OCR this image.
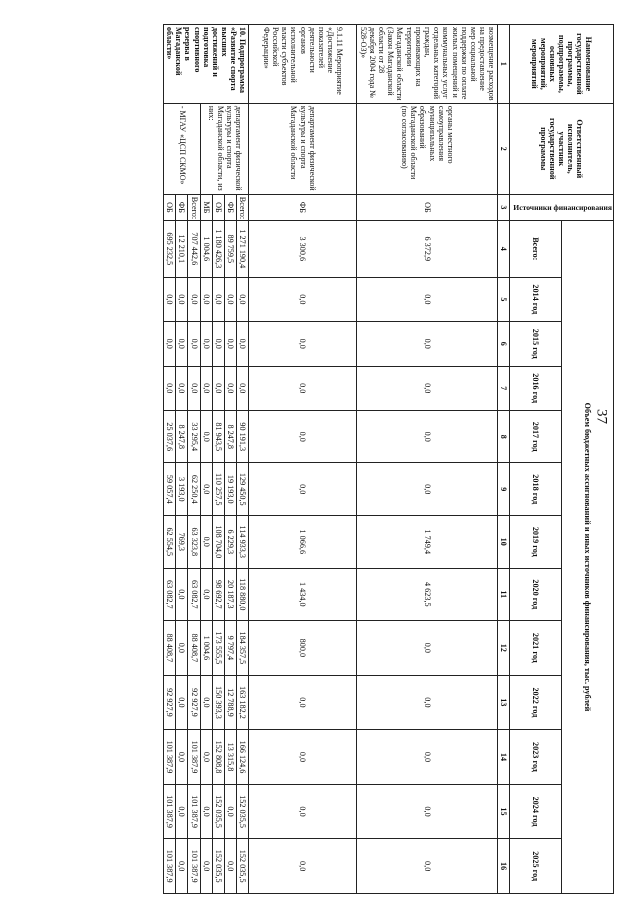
37
Наименование государственной программы, подпрограммы, основных мероприятий, мероприятий	Ответственный исполнитель, участник государственной программы	Источники финансирования	Объем бюджетных ассигнований и иных источников финансирования, тыс. рублей												
			Всего:	2014 год	2015 год	2016 год	2017 год	2018 год	2019 год	2020 год	2021 год	2022 год	2023 год	2024 год	2025 год
1	2	3	4	5	6	7	8	9	10	11	12	13	14	15	16
возмещение расходов на предоставление мер социальной поддержки по оплате жилых помещений и коммунальных услуг отдельных категорий граждан, проживающих на территории Магаданской области (Закон Магаданской области от 28 декабря 2004 года № 528-ОЗ)»	органы местного самоуправления муниципальных образований Магаданской области (по согласованию)	ОБ	6 372,9	0,0	0,0	0,0	0,0	0,0	1 749,4	4 623,5	0,0	0,0	0,0	0,0	0,0
9.1.11 Мероприятие «Достижение показателей деятельности органов исполнительной власти субъектов Российской Федерации»	департамент физической культуры и спорта Магаданской области	ФБ	3 300,6	0,0	0,0	0,0	0,0	0,0	1 066,6	1 434,0	800,0	0,0	0,0	0,0	0,0
10. Подпрограмма «Развитие спорта высших достижений и подготовка спортивного резерва в Магаданской области»	департамент физической культуры и спорта Магаданской области, из них:	Всего:	1 271 190,4	0,0	0,0	0,0	90 191,3	129 450,5	114 933,3	118 880,0	184 357,5	163 182,2	166 124,6	152 035,5	152 035,5
		ФБ	89 759,5	0,0	0,0	0,0	8 247,8	19 193,0	6 229,3	20 187,3	9 797,4	12 788,9	13 315,8	0,0	0,0
		ОБ	1 180 426,3	0,0	0,0	0,0	81 943,5	110 257,5	108 704,0	98 692,7	173 555,5	150 393,3	152 808,8	152 035,5	152 035,5
		МБ	1 004,6	0,0	0,0	0,0	0,0	0,0	0,0	0,0	1 004,6	0,0	0,0	0,0	0,0
	- МГАУ «ЦСП СКМО»	Всего:	707 442,6	0,0	0,0	0,0	33 295,4	62 250,4	63 323,8	63 082,7	88 408,7	92 927,9	101 387,9	101 387,9	101 387,9
		ФБ	12 210,1	0,0	0,0	0,0	8 247,8	3 193,0	769,3	0,0	0,0	0,0	0,0	0,0	0,0
		ОБ	695 232,5	0,0	0,0	0,0	25 037,6	59 057,4	62 554,5	63 082,7	88 408,7	92 927,9	101 387,9	101 387,9	101 387,9
